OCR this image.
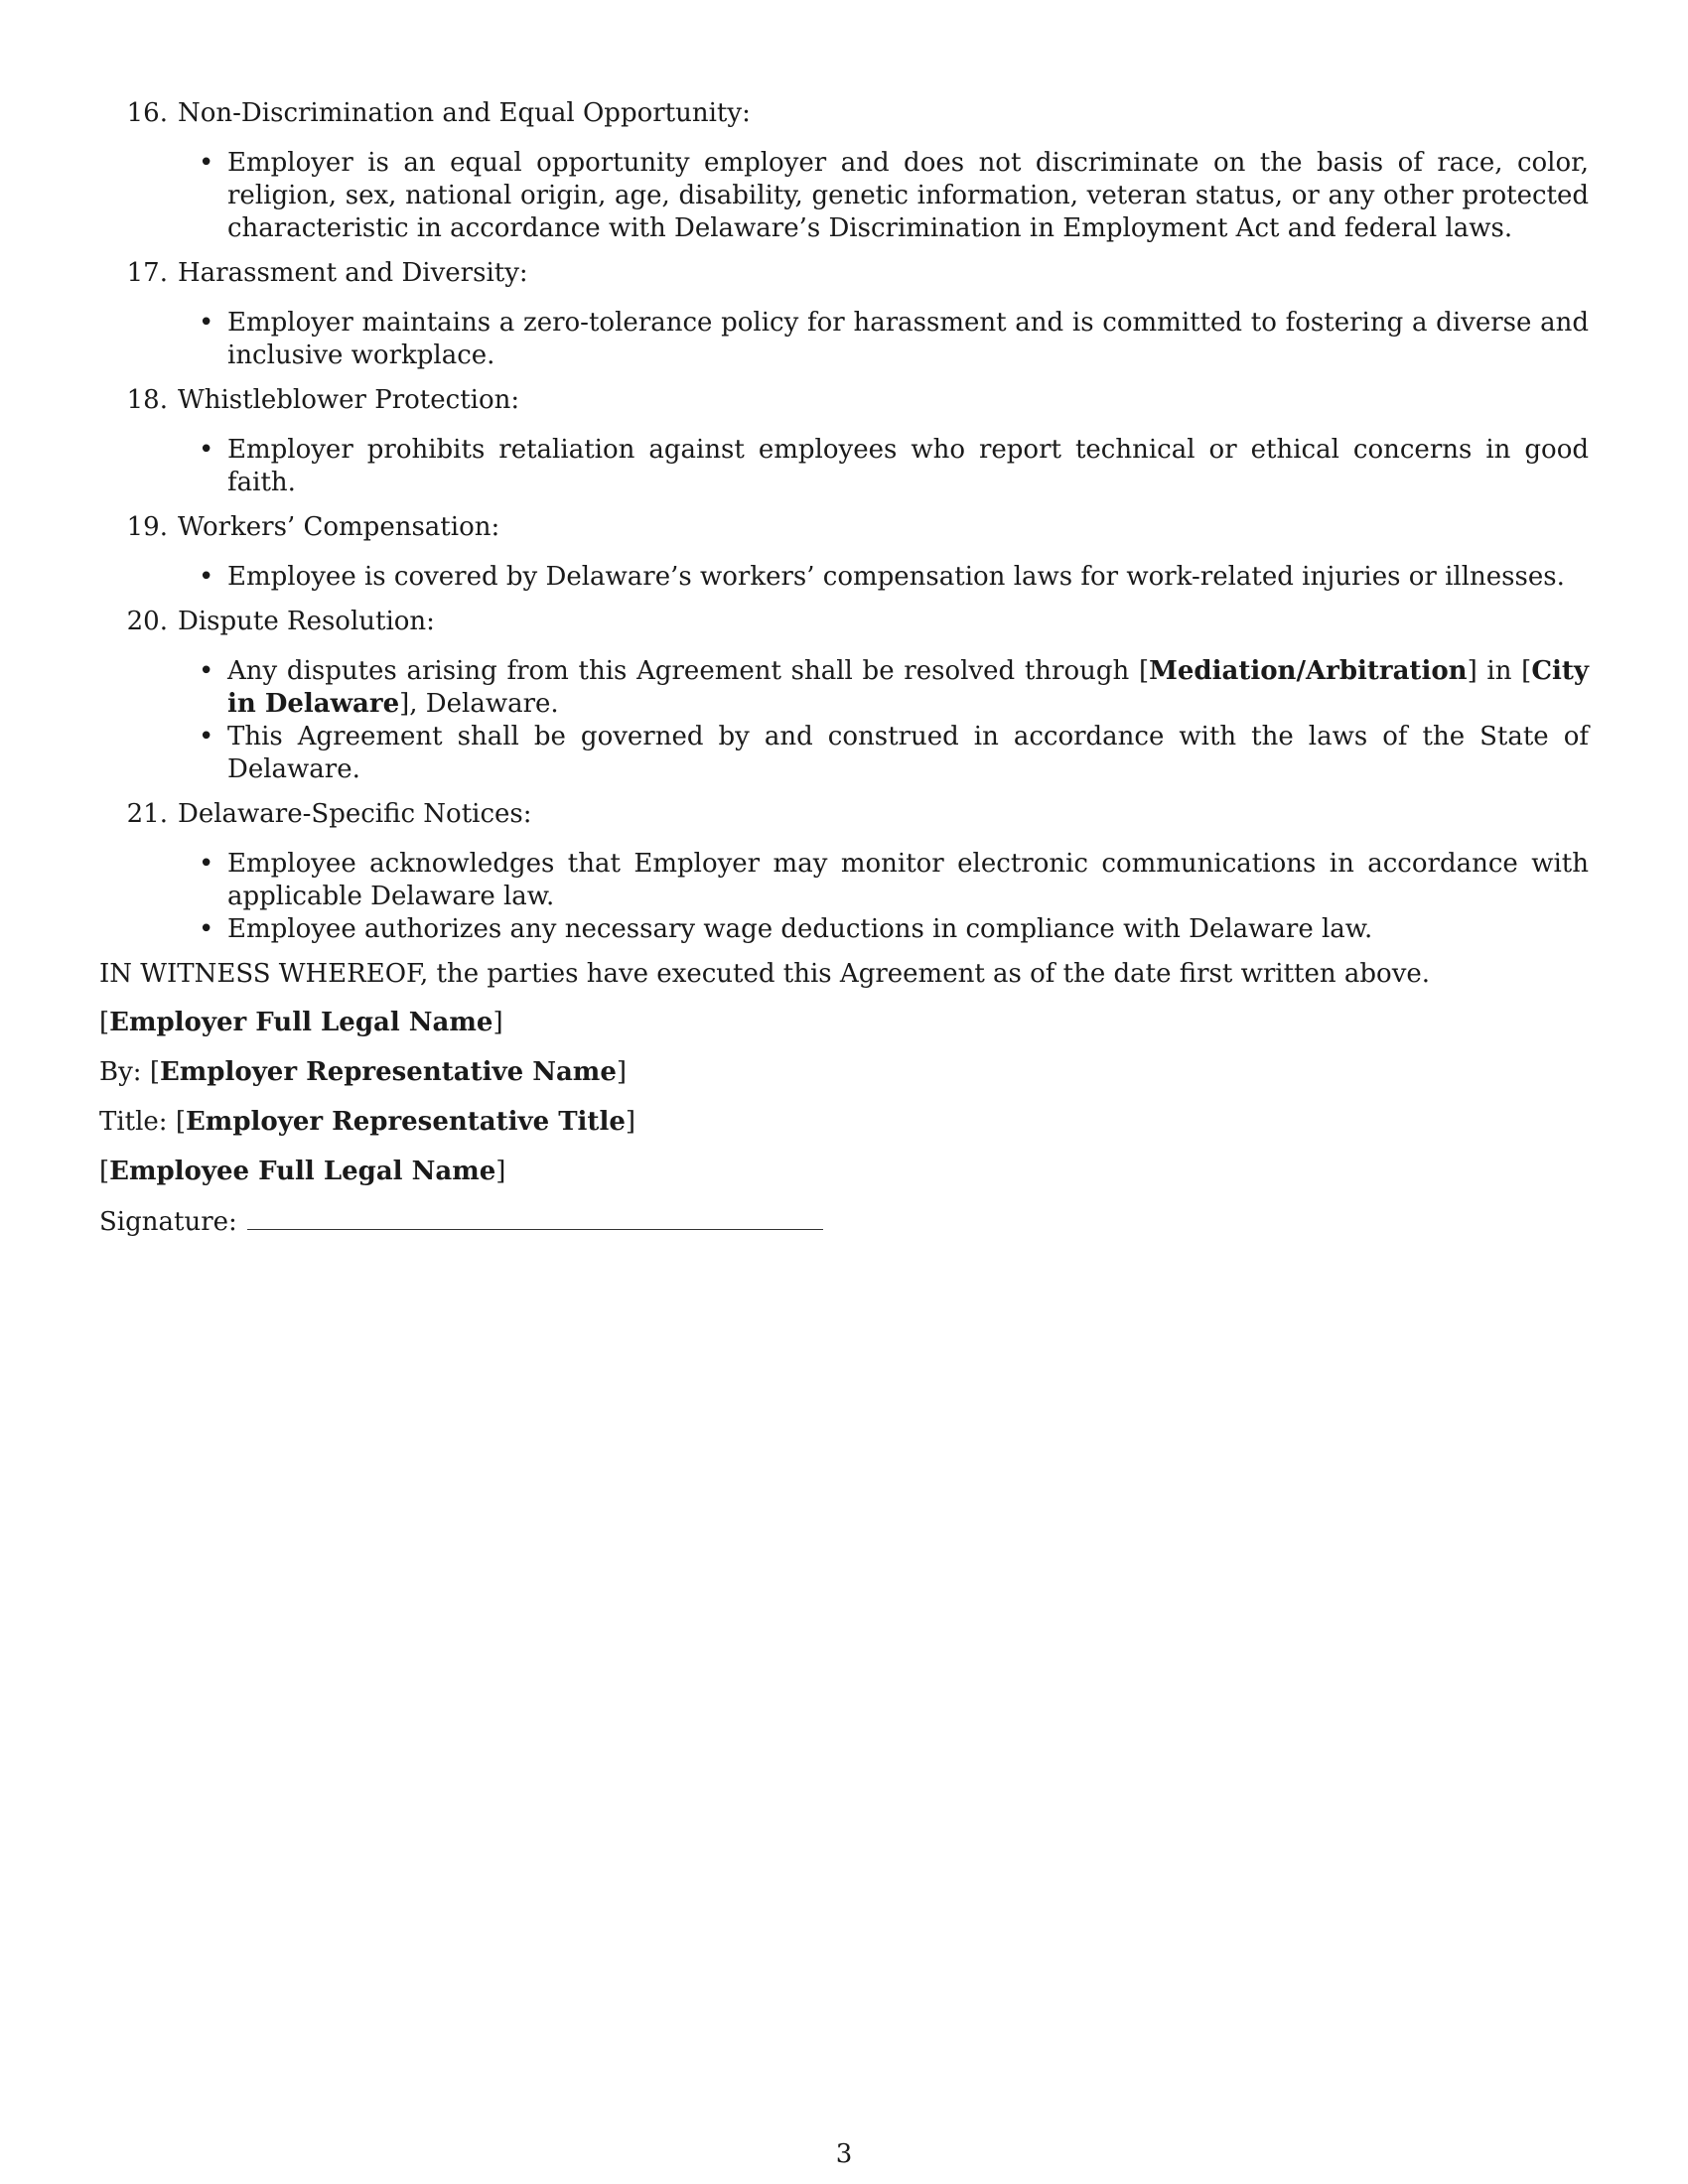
16. Non-Discrimination and Equal Opportunity:
• Employer is an equal opportunity employer and does not discriminate on the basis of race, color, religion, sex, national origin, age, disability, genetic information, veteran status, or any other protected characteristic in accordance with Delaware’s Discrimination in Employment Act and federal laws.
17. Harassment and Diversity:
• Employer maintains a zero-tolerance policy for harassment and is committed to fostering a diverse and inclusive workplace.
18. Whistleblower Protection:
• Employer prohibits retaliation against employees who report technical or ethical concerns in good faith.
19. Workers’ Compensation:
• Employee is covered by Delaware’s workers’ compensation laws for work-related injuries or illnesses.
20. Dispute Resolution:
• Any disputes arising from this Agreement shall be resolved through [Mediation/Arbitration] in [City in Delaware], Delaware.
• This Agreement shall be governed by and construed in accordance with the laws of the State of Delaware.
21. Delaware-Specific Notices:
• Employee acknowledges that Employer may monitor electronic communications in accordance with applicable Delaware law.
• Employee authorizes any necessary wage deductions in compliance with Delaware law.
IN WITNESS WHEREOF, the parties have executed this Agreement as of the date first written above.
[Employer Full Legal Name]
By: [Employer Representative Name]
Title: [Employer Representative Title]
[Employee Full Legal Name]
Signature:
3
